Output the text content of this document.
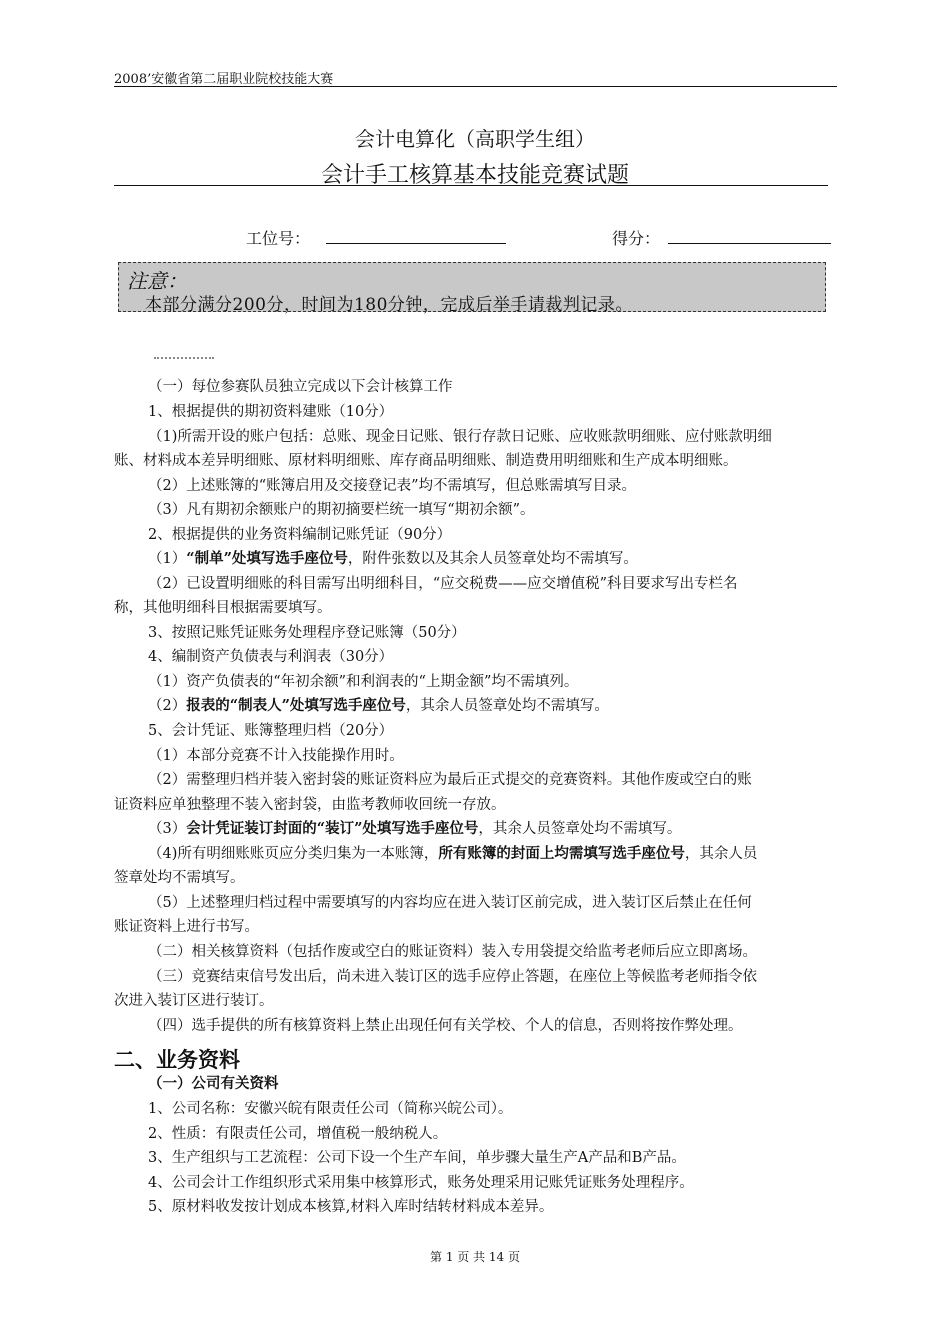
2008’安徽省第二届职业院校技能大赛
会计电算化（高职学生组）
会计手工核算基本技能竞赛试题
工位号：	得分：
注意：
本部分满分200分，时间为180分钟，完成后举手请裁判记录。
（一）每位参赛队员独立完成以下会计核算工作
1、根据提供的期初资料建账（10分）
（1)所需开设的账户包括：总账、现金日记账、银行存款日记账、应收账款明细账、应付账款明细
账、材料成本差异明细账、原材料明细账、库存商品明细账、制造费用明细账和生产成本明细账。
（2）上述账簿的“账簿启用及交接登记表”均不需填写，但总账需填写目录。
（3）凡有期初余额账户的期初摘要栏统一填写“期初余额”。
2、根据提供的业务资料编制记账凭证（90分）
（1）“制单”处填写选手座位号，附件张数以及其余人员签章处均不需填写。
（2）已设置明细账的科目需写出明细科目，“应交税费——应交增值税”科目要求写出专栏名
称，其他明细科目根据需要填写。
3、按照记账凭证账务处理程序登记账簿（50分）
4、编制资产负债表与利润表（30分）
（1）资产负债表的“年初余额”和利润表的“上期金额”均不需填列。
（2）报表的“制表人”处填写选手座位号，其余人员签章处均不需填写。
5、会计凭证、账簿整理归档（20分）
（1）本部分竞赛不计入技能操作用时。
（2）需整理归档并装入密封袋的账证资料应为最后正式提交的竞赛资料。其他作废或空白的账
证资料应单独整理不装入密封袋，由监考教师收回统一存放。
（3）会计凭证装订封面的“装订”处填写选手座位号，其余人员签章处均不需填写。
（4)所有明细账账页应分类归集为一本账簿，所有账簿的封面上均需填写选手座位号，其余人员
签章处均不需填写。
（5）上述整理归档过程中需要填写的内容均应在进入装订区前完成，进入装订区后禁止在任何
账证资料上进行书写。
（二）相关核算资料（包括作废或空白的账证资料）装入专用袋提交给监考老师后应立即离场。
（三）竞赛结束信号发出后，尚未进入装订区的选手应停止答题，在座位上等候监考老师指令依
次进入装订区进行装订。
（四）选手提供的所有核算资料上禁止出现任何有关学校、个人的信息，否则将按作弊处理。
二、业务资料
（一）公司有关资料
1、公司名称：安徽兴皖有限责任公司（简称兴皖公司）。
2、性质：有限责任公司，增值税一般纳税人。
3、生产组织与工艺流程：公司下设一个生产车间，单步骤大量生产A产品和B产品。
4、公司会计工作组织形式采用集中核算形式，账务处理采用记账凭证账务处理程序。
5、原材料收发按计划成本核算,材料入库时结转材料成本差异。
第 1 页 共 14 页
